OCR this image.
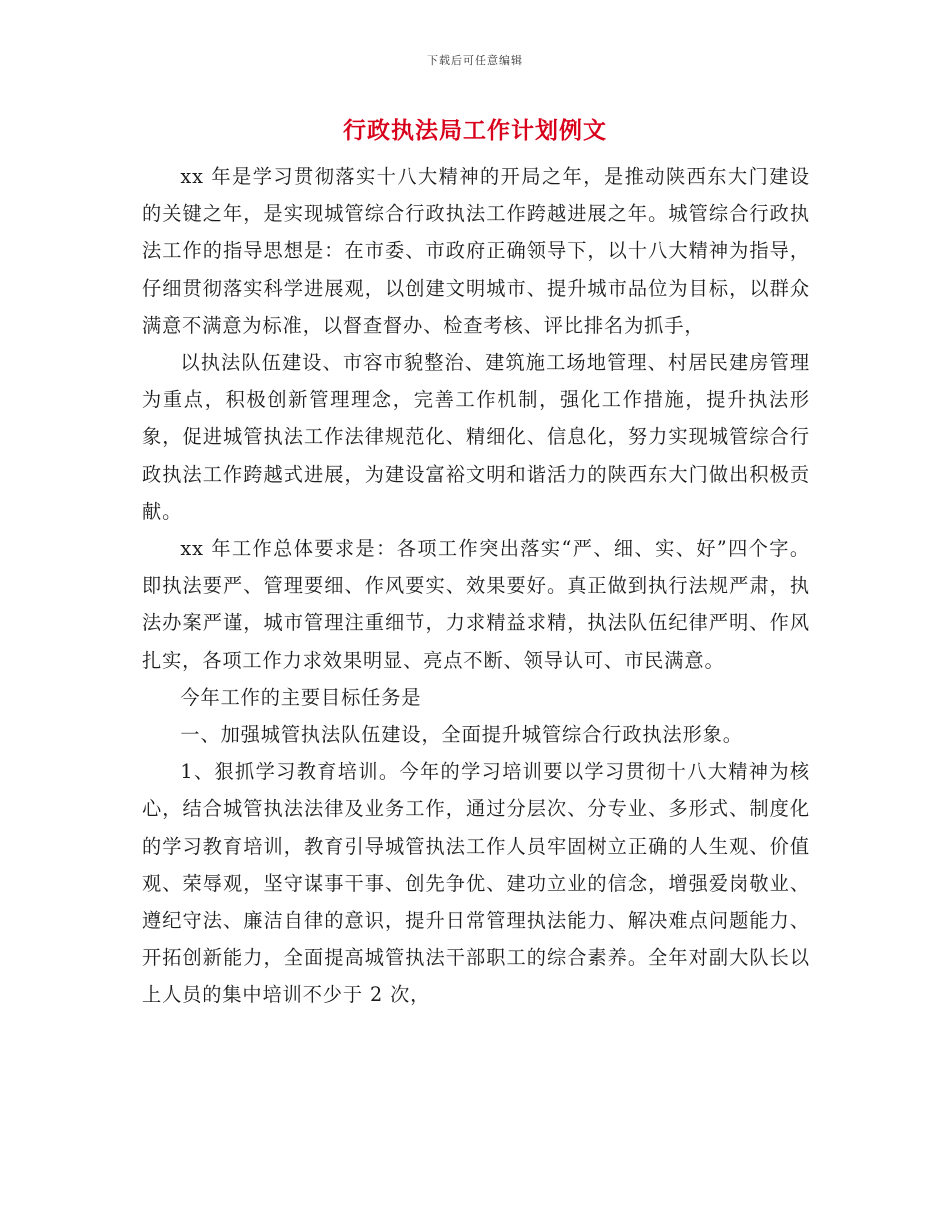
下载后可任意编辑
行政执法局工作计划例文

xx 年是学习贯彻落实十八大精神的开局之年，是推动陕西东大门建设的关键之年，是实现城管综合行政执法工作跨越进展之年。城管综合行政执法工作的指导思想是：在市委、市政府正确领导下，以十八大精神为指导，仔细贯彻落实科学进展观，以创建文明城市、提升城市品位为目标，以群众满意不满意为标准，以督查督办、检查考核、评比排名为抓手，

以执法队伍建设、市容市貌整治、建筑施工场地管理、村居民建房管理为重点，积极创新管理理念，完善工作机制，强化工作措施，提升执法形象，促进城管执法工作法律规范化、精细化、信息化，努力实现城管综合行政执法工作跨越式进展，为建设富裕文明和谐活力的陕西东大门做出积极贡献。

xx 年工作总体要求是：各项工作突出落实“严、细、实、好”四个字。即执法要严、管理要细、作风要实、效果要好。真正做到执行法规严肃，执法办案严谨，城市管理注重细节，力求精益求精，执法队伍纪律严明、作风扎实，各项工作力求效果明显、亮点不断、领导认可、市民满意。

今年工作的主要目标任务是

一、加强城管执法队伍建设，全面提升城管综合行政执法形象。

1、狠抓学习教育培训。今年的学习培训要以学习贯彻十八大精神为核心，结合城管执法法律及业务工作，通过分层次、分专业、多形式、制度化的学习教育培训，教育引导城管执法工作人员牢固树立正确的人生观、价值观、荣辱观，坚守谋事干事、创先争优、建功立业的信念，增强爱岗敬业、遵纪守法、廉洁自律的意识，提升日常管理执法能力、解决难点问题能力、开拓创新能力，全面提高城管执法干部职工的综合素养。全年对副大队长以上人员的集中培训不少于 2 次，
